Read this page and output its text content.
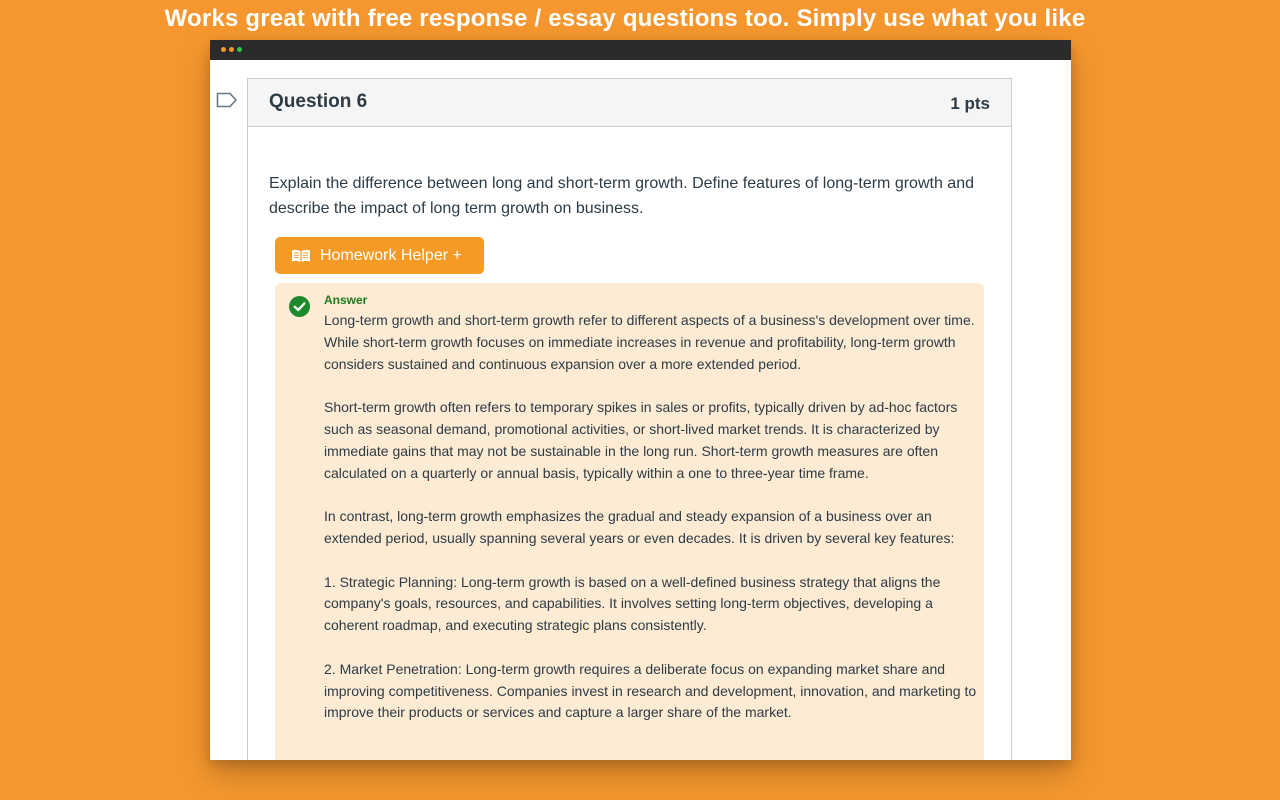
Works great with free response / essay questions too. Simply use what you like
Question 6	1 pts
Explain the difference between long and short-term growth. Define features of long-term growth and describe the impact of long term growth on business.
Homework Helper +
Answer

Long-term growth and short-term growth refer to different aspects of a business's development over time. While short-term growth focuses on immediate increases in revenue and profitability, long-term growth considers sustained and continuous expansion over a more extended period.

Short-term growth often refers to temporary spikes in sales or profits, typically driven by ad-hoc factors such as seasonal demand, promotional activities, or short-lived market trends. It is characterized by immediate gains that may not be sustainable in the long run. Short-term growth measures are often calculated on a quarterly or annual basis, typically within a one to three-year time frame.

In contrast, long-term growth emphasizes the gradual and steady expansion of a business over an extended period, usually spanning several years or even decades. It is driven by several key features:

1. Strategic Planning: Long-term growth is based on a well-defined business strategy that aligns the company's goals, resources, and capabilities. It involves setting long-term objectives, developing a coherent roadmap, and executing strategic plans consistently.

2. Market Penetration: Long-term growth requires a deliberate focus on expanding market share and improving competitiveness. Companies invest in research and development, innovation, and marketing to improve their products or services and capture a larger share of the market.
